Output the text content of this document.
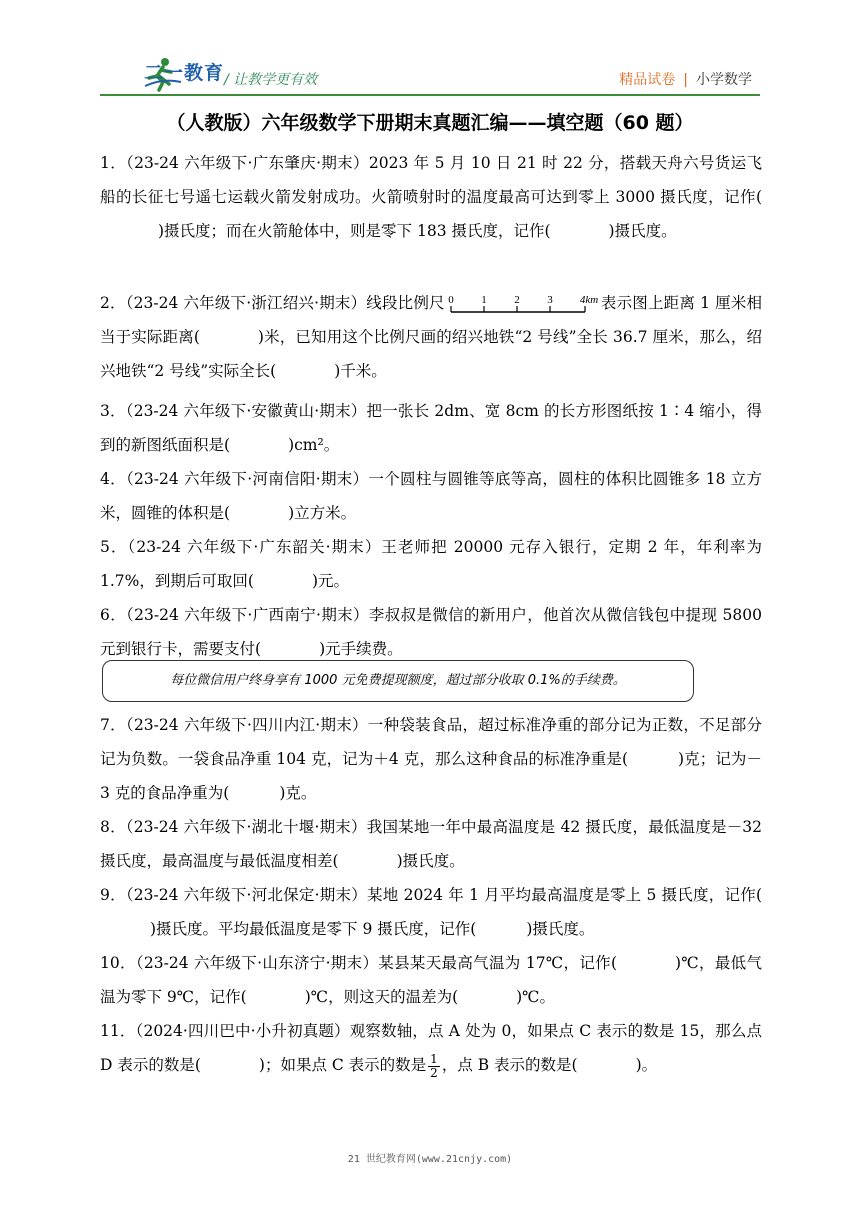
二一教育 / 让教学更有效	精品试卷 | 小学数学
（人教版）六年级数学下册期末真题汇编——填空题（60 题）
1．（23-24 六年级下·广东肇庆·期末）2023 年 5 月 10 日 21 时 22 分，搭载天舟六号货运飞船的长征七号遥七运载火箭发射成功。火箭喷射时的温度最高可达到零上 3000 摄氏度，记作()摄氏度；而在火箭舱体中，则是零下 183 摄氏度，记作(	)摄氏度。
2．（23-24 六年级下·浙江绍兴·期末）线段比例尺 0	1	2	3 4km 表示图上距离 1 厘米相当于实际距离(	)米，已知用这个比例尺画的绍兴地铁“2 号线”全长 36.7 厘米，那么，绍兴地铁“2 号线”实际全长(	)千米。
3．（23-24 六年级下·安徽黄山·期末）把一张长 2dm、宽 8cm 的长方形图纸按 1∶4 缩小，得到的新图纸面积是(	)cm²。
4．（23-24 六年级下·河南信阳·期末）一个圆柱与圆锥等底等高，圆柱的体积比圆锥多 18 立方米，圆锥的体积是(	)立方米。
5．（23-24 六年级下·广东韶关·期末）王老师把 20000 元存入银行，定期 2 年，年利率为 1.7%，到期后可取回(	)元。
6．（23-24 六年级下·广西南宁·期末）李叔叔是微信的新用户，他首次从微信钱包中提现 5800 元到银行卡，需要支付(	)元手续费。
每位微信用户终身享有 1000 元免费提现额度，超过部分收取 0.1%的手续费。
7．（23-24 六年级下·四川内江·期末）一种袋装食品，超过标准净重的部分记为正数，不足部分记为负数。一袋食品净重 104 克，记为＋4 克，那么这种食品的标准净重是(	)克；记为－3 克的食品净重为(	)克。
8．（23-24 六年级下·湖北十堰·期末）我国某地一年中最高温度是 42 摄氏度，最低温度是－32 摄氏度，最高温度与最低温度相差(	)摄氏度。
9．（23-24 六年级下·河北保定·期末）某地 2024 年 1 月平均最高温度是零上 5 摄氏度，记作()摄氏度。平均最低温度是零下 9 摄氏度，记作(	)摄氏度。
10．（23-24 六年级下·山东济宁·期末）某县某天最高气温为 17℃，记作(	)℃，最低气温为零下 9℃，记作(	)℃，则这天的温差为(	)℃。
11．（2024·四川巴中·小升初真题）观察数轴，点 A 处为 0，如果点 C 表示的数是 15，那么点 D 表示的数是(	)；如果点 C 表示的数是 $\frac{1}{2}$ ，点 B 表示的数是(	)。
21 世纪教育网(www.21cnjy.com)
